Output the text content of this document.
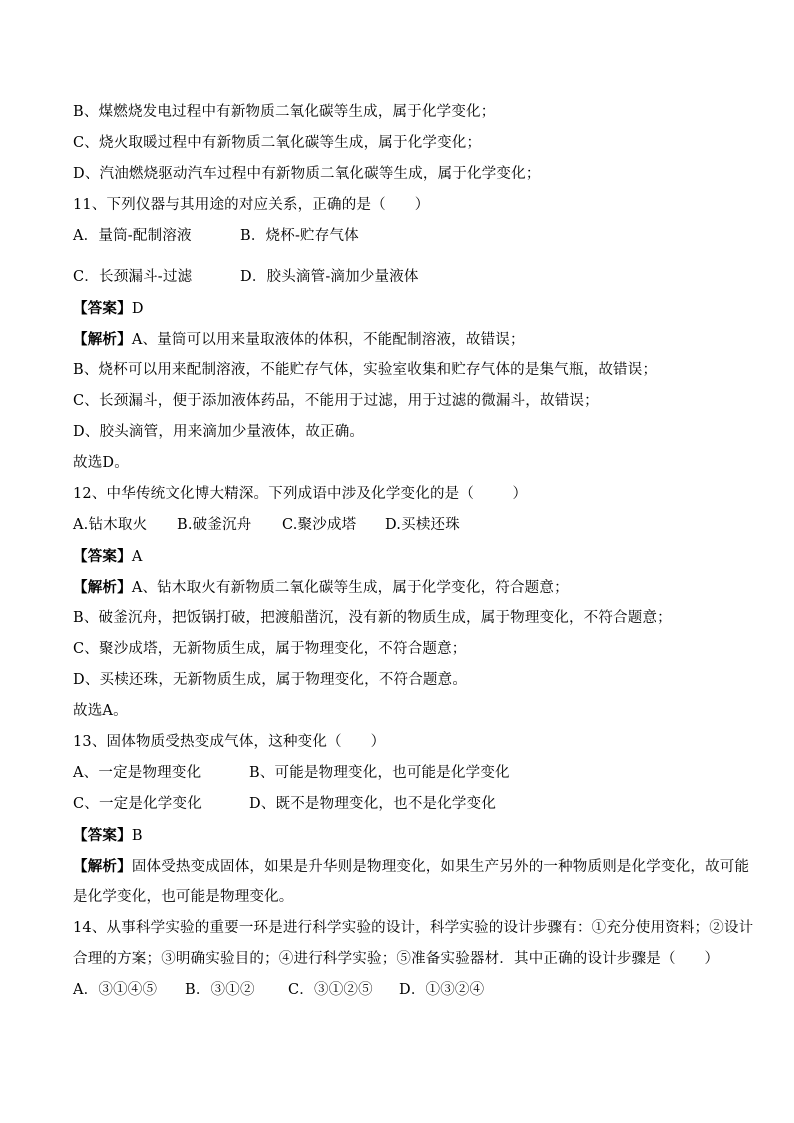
B、煤燃烧发电过程中有新物质二氧化碳等生成，属于化学变化；
C、烧火取暖过程中有新物质二氧化碳等生成，属于化学变化；
D、汽油燃烧驱动汽车过程中有新物质二氧化碳等生成，属于化学变化；
11、下列仪器与其用途的对应关系，正确的是（      ）
A．量筒-配制溶液	B．烧杯-贮存气体
C．长颈漏斗-过滤	D．胶头滴管-滴加少量液体
【答案】D
【解析】A、量筒可以用来量取液体的体积，不能配制溶液，故错误；
B、烧杯可以用来配制溶液，不能贮存气体，实验室收集和贮存气体的是集气瓶，故错误；
C、长颈漏斗，便于添加液体药品，不能用于过滤，用于过滤的微漏斗，故错误；
D、胶头滴管，用来滴加少量液体，故正确。
故选D。
12、中华传统文化博大精深。下列成语中涉及化学变化的是（        ）
A.钻木取火 B.破釜沉舟 C.聚沙成塔 D.买椟还珠
【答案】A
【解析】A、钻木取火有新物质二氧化碳等生成，属于化学变化，符合题意；
B、破釜沉舟，把饭锅打破，把渡船凿沉，没有新的物质生成，属于物理变化，不符合题意；
C、聚沙成塔，无新物质生成，属于物理变化，不符合题意；
D、买椟还珠，无新物质生成，属于物理变化，不符合题意。
故选A。
13、固体物质受热变成气体，这种变化（      ）
A、一定是物理变化	B、可能是物理变化，也可能是化学变化
C、一定是化学变化	D、既不是物理变化，也不是化学变化
【答案】B
【解析】固体受热变成固体，如果是升华则是物理变化，如果生产另外的一种物质则是化学变化，故可能
是化学变化，也可能是物理变化。
14、从事科学实验的重要一环是进行科学实验的设计，科学实验的设计步骤有：①充分使用资料；②设计
合理的方案；③明确实验目的；④进行科学实验；⑤准备实验器材．其中正确的设计步骤是（      ）
A．③①④⑤ B．③①② C．③①②⑤ D．①③②④
